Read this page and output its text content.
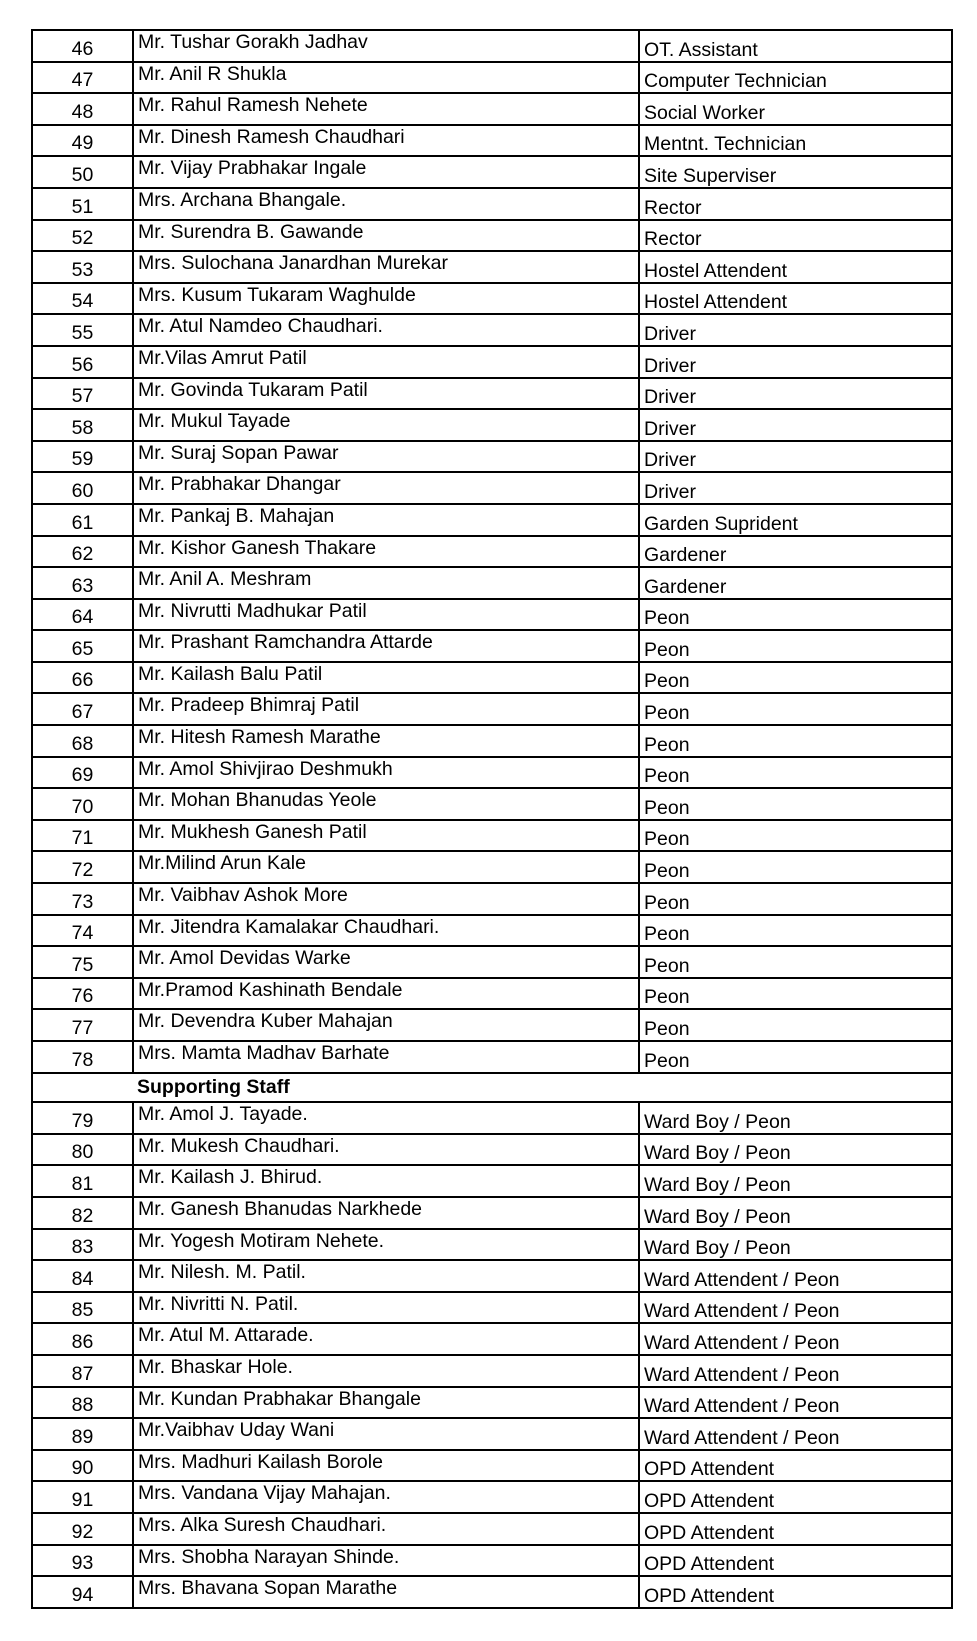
46	Mr. Tushar Gorakh Jadhav	OT. Assistant
47	Mr. Anil R Shukla	Computer Technician
48	Mr. Rahul Ramesh Nehete	Social Worker
49	Mr. Dinesh Ramesh Chaudhari	Mentnt. Technician
50	Mr. Vijay Prabhakar Ingale	Site Superviser
51	Mrs. Archana Bhangale.	Rector
52	Mr. Surendra B. Gawande	Rector
53	Mrs. Sulochana Janardhan Murekar	Hostel Attendent
54	Mrs. Kusum Tukaram Waghulde	Hostel Attendent
55	Mr. Atul Namdeo Chaudhari.	Driver
56	Mr.Vilas Amrut Patil	Driver
57	Mr. Govinda Tukaram Patil	Driver
58	Mr. Mukul Tayade	Driver
59	Mr. Suraj Sopan Pawar	Driver
60	Mr. Prabhakar Dhangar	Driver
61	Mr. Pankaj B. Mahajan	Garden Suprident
62	Mr. Kishor Ganesh Thakare	Gardener
63	Mr. Anil A. Meshram	Gardener
64	Mr. Nivrutti Madhukar Patil	Peon
65	Mr. Prashant Ramchandra Attarde	Peon
66	Mr. Kailash Balu Patil	Peon
67	Mr. Pradeep Bhimraj Patil	Peon
68	Mr. Hitesh Ramesh Marathe	Peon
69	Mr. Amol Shivjirao Deshmukh	Peon
70	Mr. Mohan Bhanudas Yeole	Peon
71	Mr. Mukhesh Ganesh Patil	Peon
72	Mr.Milind Arun Kale	Peon
73	Mr. Vaibhav Ashok More	Peon
74	Mr. Jitendra Kamalakar Chaudhari.	Peon
75	Mr. Amol Devidas Warke	Peon
76	Mr.Pramod Kashinath Bendale	Peon
77	Mr. Devendra Kuber Mahajan	Peon
78	Mrs. Mamta Madhav Barhate	Peon
	Supporting Staff	
79	Mr. Amol J. Tayade.	Ward Boy / Peon
80	Mr. Mukesh Chaudhari.	Ward Boy / Peon
81	Mr. Kailash J. Bhirud.	Ward Boy / Peon
82	Mr. Ganesh Bhanudas Narkhede	Ward Boy / Peon
83	Mr. Yogesh Motiram Nehete.	Ward Boy / Peon
84	Mr. Nilesh. M. Patil.	Ward Attendent / Peon
85	Mr. Nivritti N. Patil.	Ward Attendent / Peon
86	Mr. Atul M. Attarade.	Ward Attendent / Peon
87	Mr. Bhaskar Hole.	Ward Attendent / Peon
88	Mr. Kundan Prabhakar Bhangale	Ward Attendent / Peon
89	Mr.Vaibhav Uday Wani	Ward Attendent / Peon
90	Mrs. Madhuri Kailash Borole	OPD Attendent
91	Mrs. Vandana Vijay Mahajan.	OPD Attendent
92	Mrs. Alka Suresh Chaudhari.	OPD Attendent
93	Mrs. Shobha Narayan Shinde.	OPD Attendent
94	Mrs. Bhavana Sopan Marathe	OPD Attendent
